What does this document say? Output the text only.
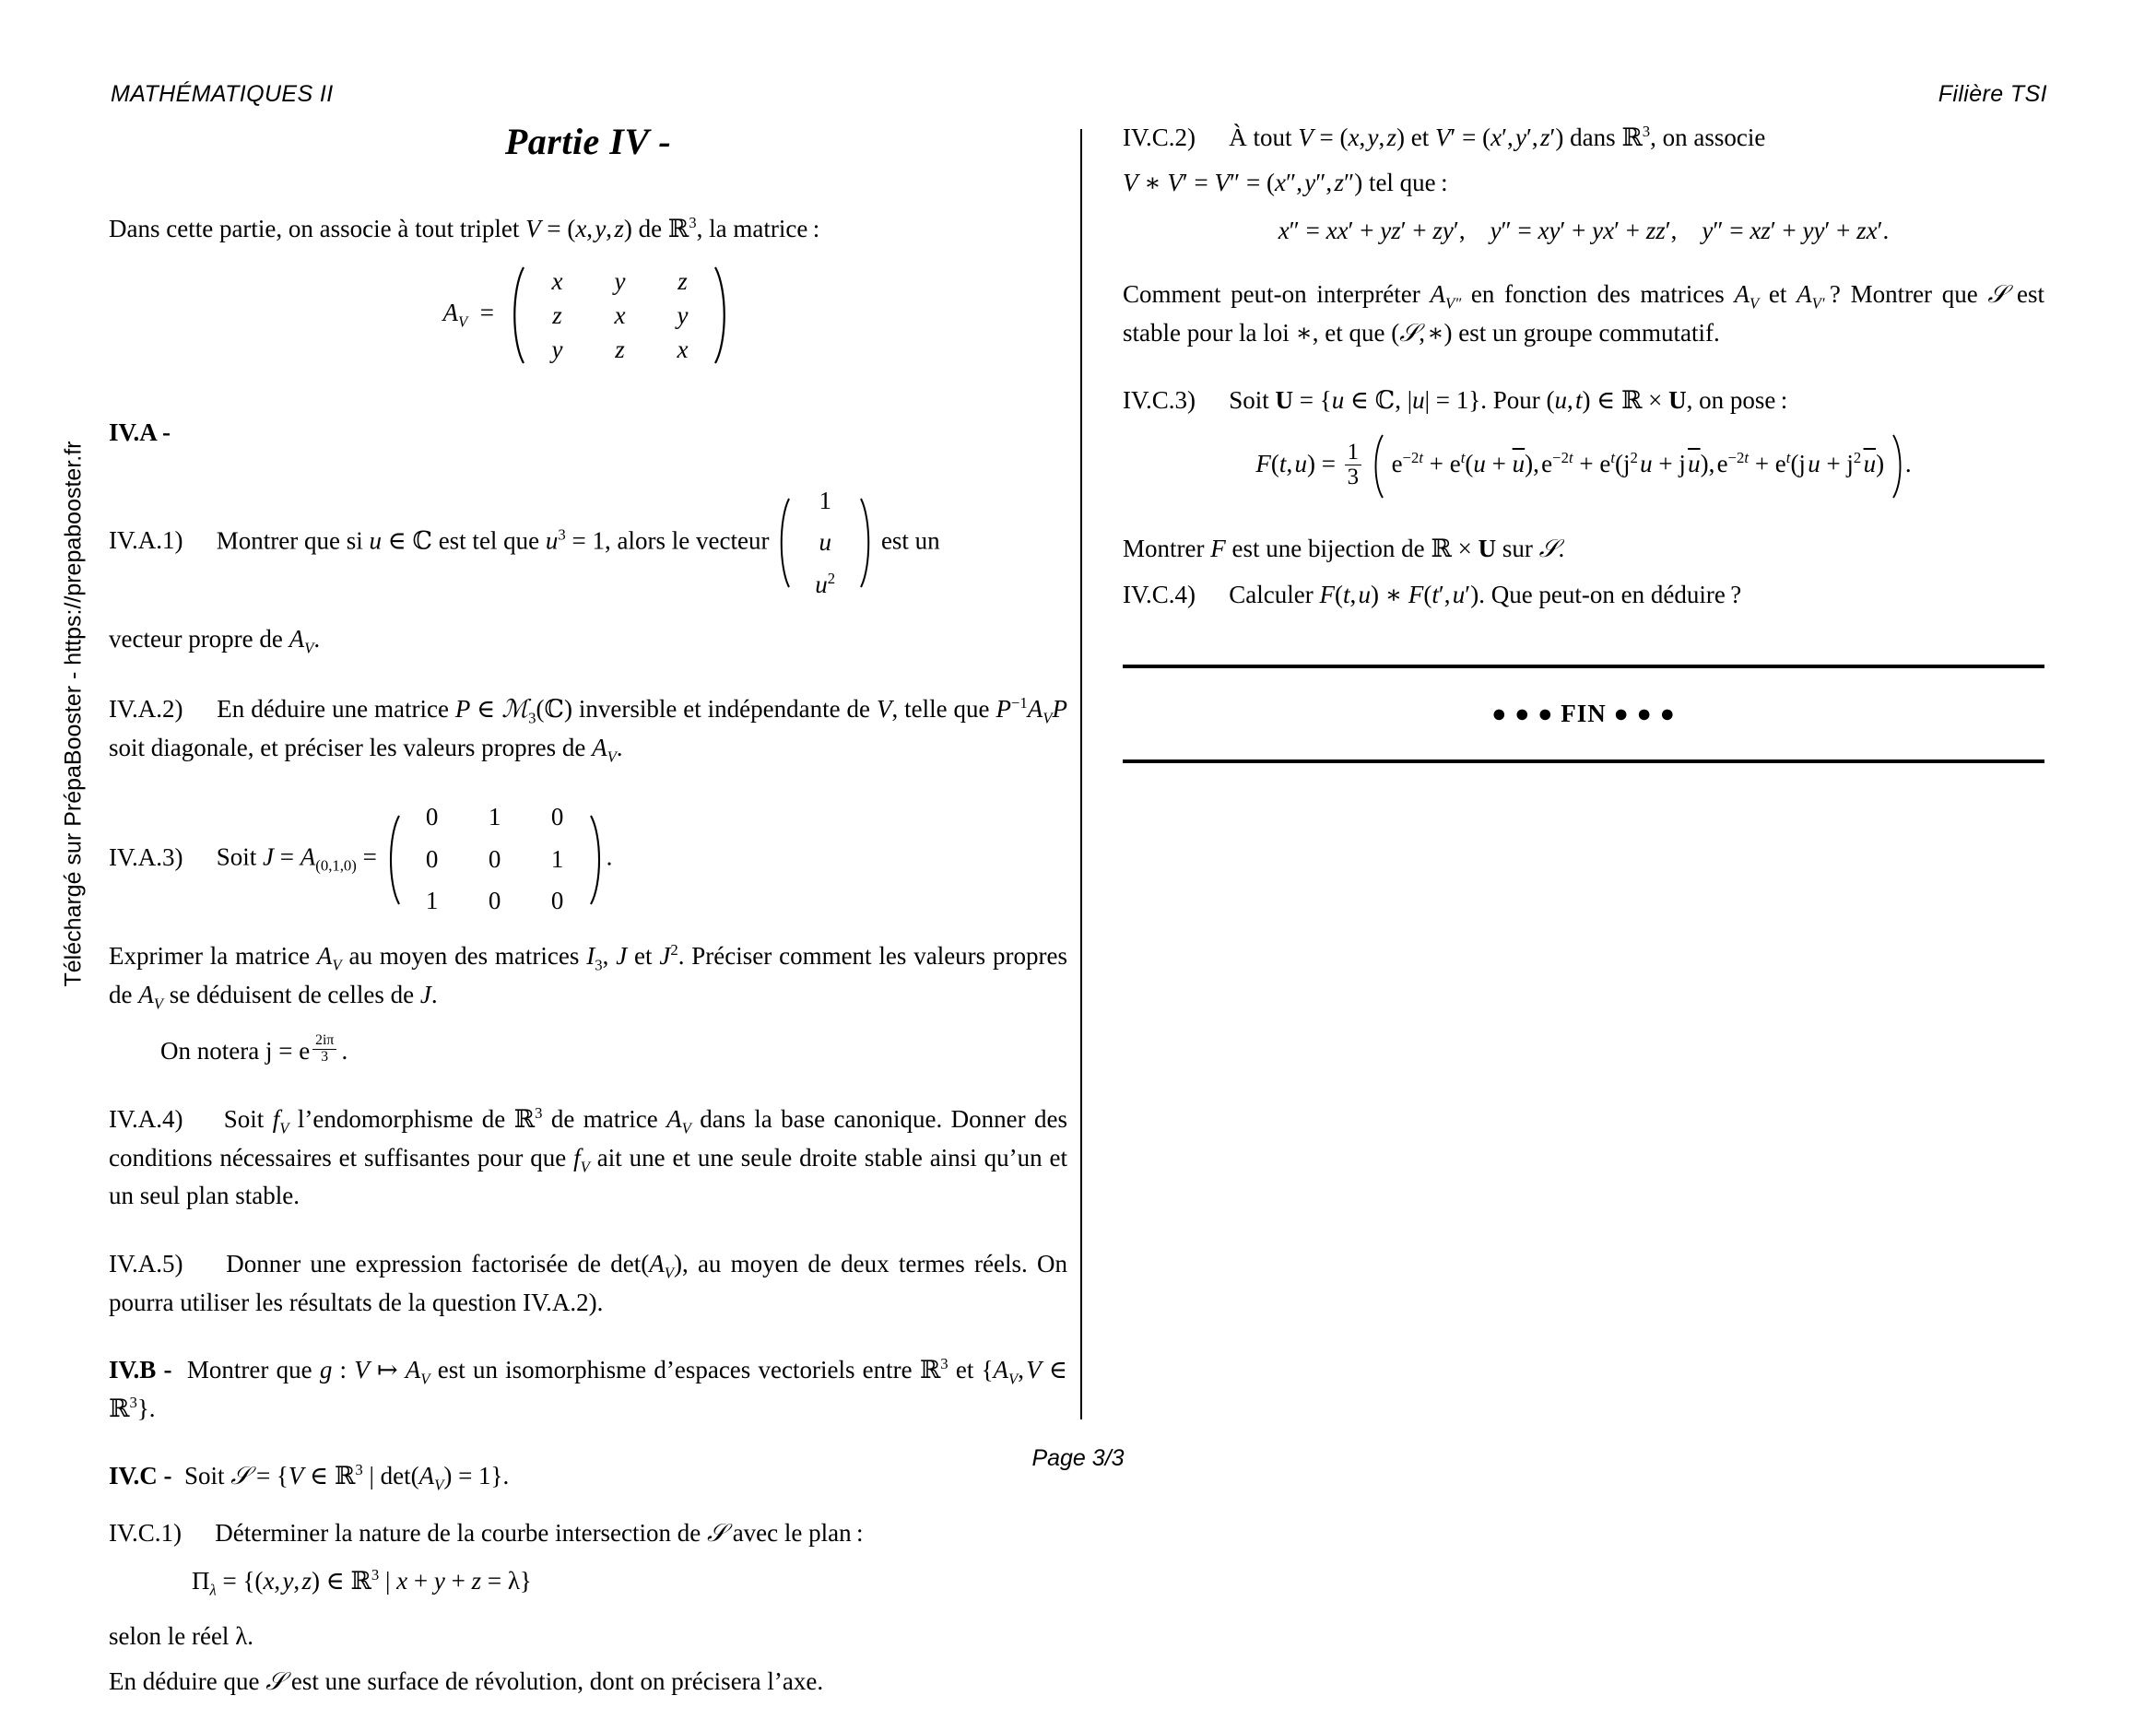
MATHÉMATIQUES II	Filière TSI
Téléchargé sur PrépaBooster - https://prepabooster.fr
Partie IV -

Dans cette partie, on associe à tout triplet V = (x, y, z) de ℝ$^3$, la matrice :

$A_V$  =
x y z
z x y
y z x

IV.A -

IV.A.1)   Montrer que si u ∈ ℂ est tel que $u^3 = 1$, alors le vecteur
1
u
$u^2$
est un

vecteur propre de $A_V$.

IV.A.2)   En déduire une matrice P ∈ ℳ$_3$(ℂ) inversible et indépendante de V, telle que $P^{-1}A_VP$ soit diagonale, et préciser les valeurs propres de $A_V$.

IV.A.3)   Soit $J = A_{(0,1,0)}$ =
0 1 0
0 0 1
1 0 0
.

Exprimer la matrice $A_V$ au moyen des matrices $I_3$, J et $J^2$. Préciser comment les valeurs propres de $A_V$ se déduisent de celles de J.

On notera j = e $\frac{2i\pi}{3}$  .

IV.A.4)   Soit $f_V$ l’endomorphisme de ℝ$^3$ de matrice $A_V$ dans la base canonique. Donner des conditions nécessaires et suffisantes pour que $f_V$ ait une et une seule droite stable ainsi qu’un et un seul plan stable.

IV.A.5)   Donner une expression factorisée de $\det(A_V)$, au moyen de deux termes réels. On pourra utiliser les résultats de la question IV.A.2).

IV.B -  Montrer que g : V ↦ $A_V$ est un isomorphisme d’espaces vectoriels entre ℝ$^3$ et {$A_V$, V ∈ ℝ$^3$}.

IV.C -  Soit 𝒮 = {V ∈ ℝ$^3$ | $\det(A_V) = 1$}.

IV.C.1)   Déterminer la nature de la courbe intersection de 𝒮 avec le plan :

$\Pi_\lambda = \{(x$, y, z) ∈ ℝ$^3$ | x + y + z = λ}

selon le réel λ.

En déduire que 𝒮 est une surface de révolution, dont on précisera l’axe.

IV.C.2)   À tout V = (x, y, z) et V′ = (x′, y′, z′) dans ℝ$^3$, on associe

V ∗ V′ = V″ = (x″, y″, z″) tel que :

x″ = xx′ + yz′ + zy′, y″ = xy′ + yx′ + zz′, y″ = xz′ + yy′ + zx′.

Comment peut-on interpréter $A_{V''}$ en fonction des matrices $A_V$ et $A_{V'}$ ? Montrer que 𝒮 est stable pour la loi ∗, et que (𝒮, ∗) est un groupe commutatif.

IV.C.3)   Soit U = {u ∈ ℂ, |u| = 1}. Pour (u, t) ∈ ℝ × U, on pose :

F(t, $u) = \frac{1}{3} e^{-2t} + e^t(u + \overline{u})$, $e^{-2t} + e^t(j^2$ u + j $\overline{u}$), $e^{-2t} + e^t(j$ $u + j^2$ $\overline{u}$) .

Montrer F est une bijection de ℝ × U sur 𝒮.

IV.C.4)   Calculer F(t, u) ∗ F(t′, u′). Que peut-on en déduire ?

● ● ● FIN ● ● ●
Page 3/3
